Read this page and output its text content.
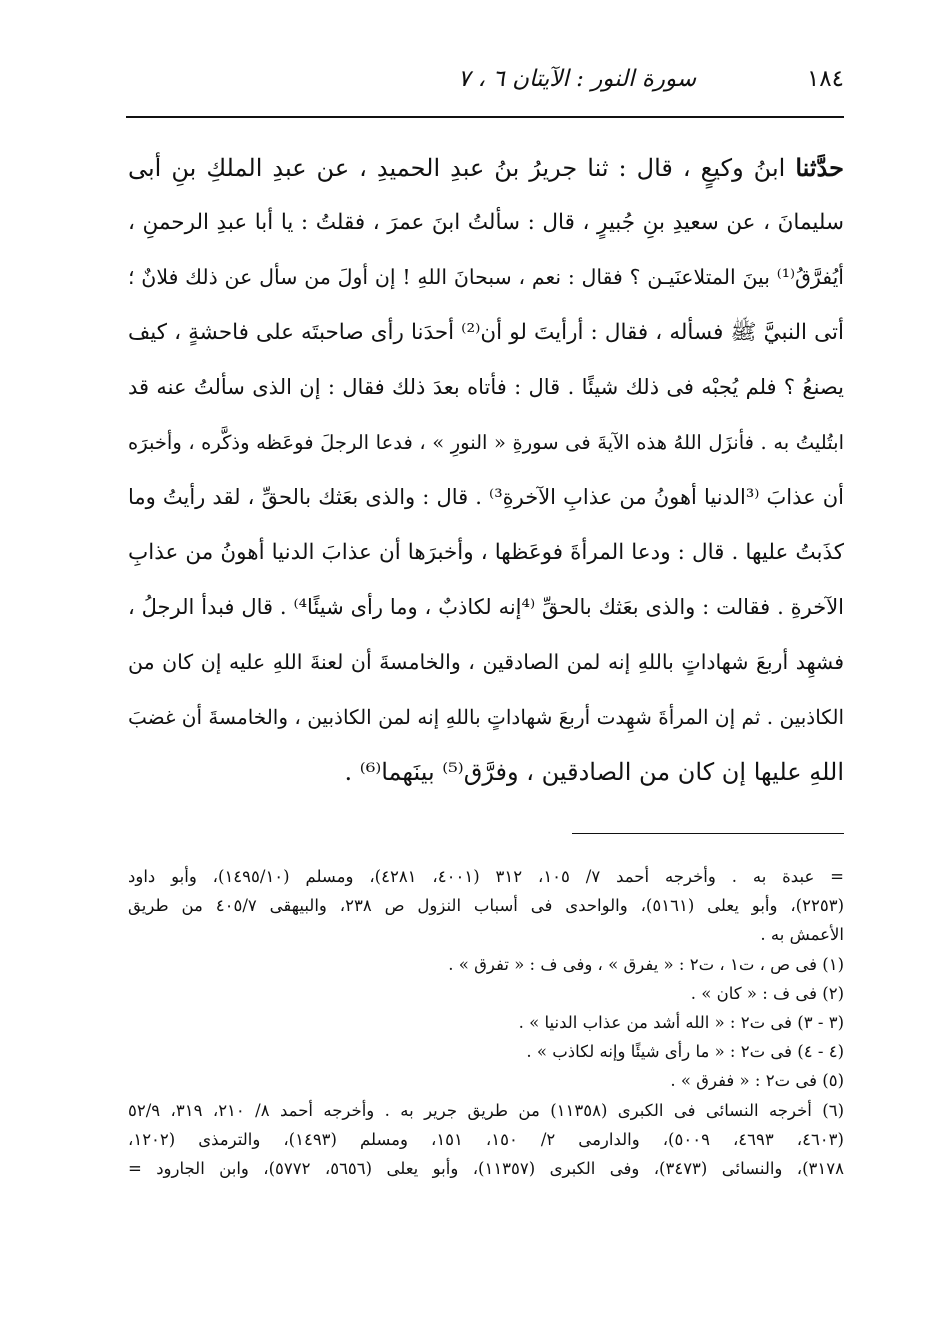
١٨٤
سورة النور : الآيتان ٦ ، ٧
حدَّثنا ابنُ وكيعٍ ، قال : ثنا جريرُ بنُ عبدِ الحميدِ ، عن عبدِ الملكِ بنِ أبى
سليمانَ ، عن سعيدِ بنِ جُبيرٍ ، قال : سألتُ ابنَ عمرَ ، فقلتُ : يا أبا عبدِ الرحمنِ ،
أيُفرَّقُ⁽¹⁾ بينَ المتلاعنَيـن ؟ فقال : نعم ، سبحانَ اللهِ ! إن أولَ من سأل عن ذلك فلانٌ ؛
أتى النبيَّ ﷺ فسأله ، فقال : أرأيتَ لو أن⁽²⁾ أحدَنا رأى صاحبتَه على فاحشةٍ ، كيف
يصنعُ ؟ فلم يُجبْه فى ذلك شيئًا . قال : فأتاه بعدَ ذلك فقال : إن الذى سألتُ عنه قد
ابتُليتُ به . فأنزَل اللهُ هذه الآيةَ فى سورةِ « النورِ » ، فدعا الرجلَ فوعَظه وذكَّره ، وأخبرَه
أن عذابَ ⁽³الدنيا أهونُ من عذابِ الآخرةِ³⁾ . قال : والذى بعَثك بالحقِّ ، لقد رأيتُ وما
كذَبتُ عليها . قال : ودعا المرأةَ فوعَظها ، وأخبرَها أن عذابَ الدنيا أهونُ من عذابِ
الآخرةِ . فقالت : والذى بعَثك بالحقِّ ⁽⁴إنه لكاذبٌ ، وما رأى شيئًا⁴⁾ . قال فبدأ الرجلُ ،
فشهِد أربعَ شهاداتٍ باللهِ إنه لمن الصادقين ، والخامسةَ أن لعنةَ اللهِ عليه إن كان من
الكاذبين . ثم إن المرأةَ شهِدت أربعَ شهاداتٍ باللهِ إنه لمن الكاذبين ، والخامسةَ أن غضبَ
اللهِ عليها إن كان من الصادقين ، وفرَّق⁽⁵⁾ بينَهما⁽⁶⁾ .
= عبدة به . وأخرجه أحمد ٧/ ١٠٥، ٣١٢ (٤٠٠١، ٤٢٨١)، ومسلم (١٤٩٥/١٠)، وأبو داود
(٢٢٥٣)، وأبو يعلى (٥١٦١)، والواحدى فى أسباب النزول ص ٢٣٨، والبيهقى ٤٠٥/٧ من طريق
الأعمش به .
(١) فى ص ، ت١ ، ت٢ : « يفرق » ، وفى ف : « تفرق » .
(٢) فى ف : « كان » .
(٣ - ٣) فى ت٢ : « الله أشد من عذاب الدنيا » .
(٤ - ٤) فى ت٢ : « ما رأى شيئًا وإنه لكاذب » .
(٥) فى ت٢ : « ففرق » .
(٦) أخرجه النسائى فى الكبرى (١١٣٥٨) من طريق جرير به . وأخرجه أحمد ٨/ ٢١٠، ٣١٩، ٥٢/٩
(٤٦٠٣، ٤٦٩٣، ٥٠٠٩)، والدارمى ٢/ ١٥٠، ١٥١، ومسلم (١٤٩٣)، والترمذى (١٢٠٢،
٣١٧٨)، والنسائى (٣٤٧٣)، وفى الكبرى (١١٣٥٧)، وأبو يعلى (٥٦٥٦، ٥٧٧٢)، وابن الجارود =
